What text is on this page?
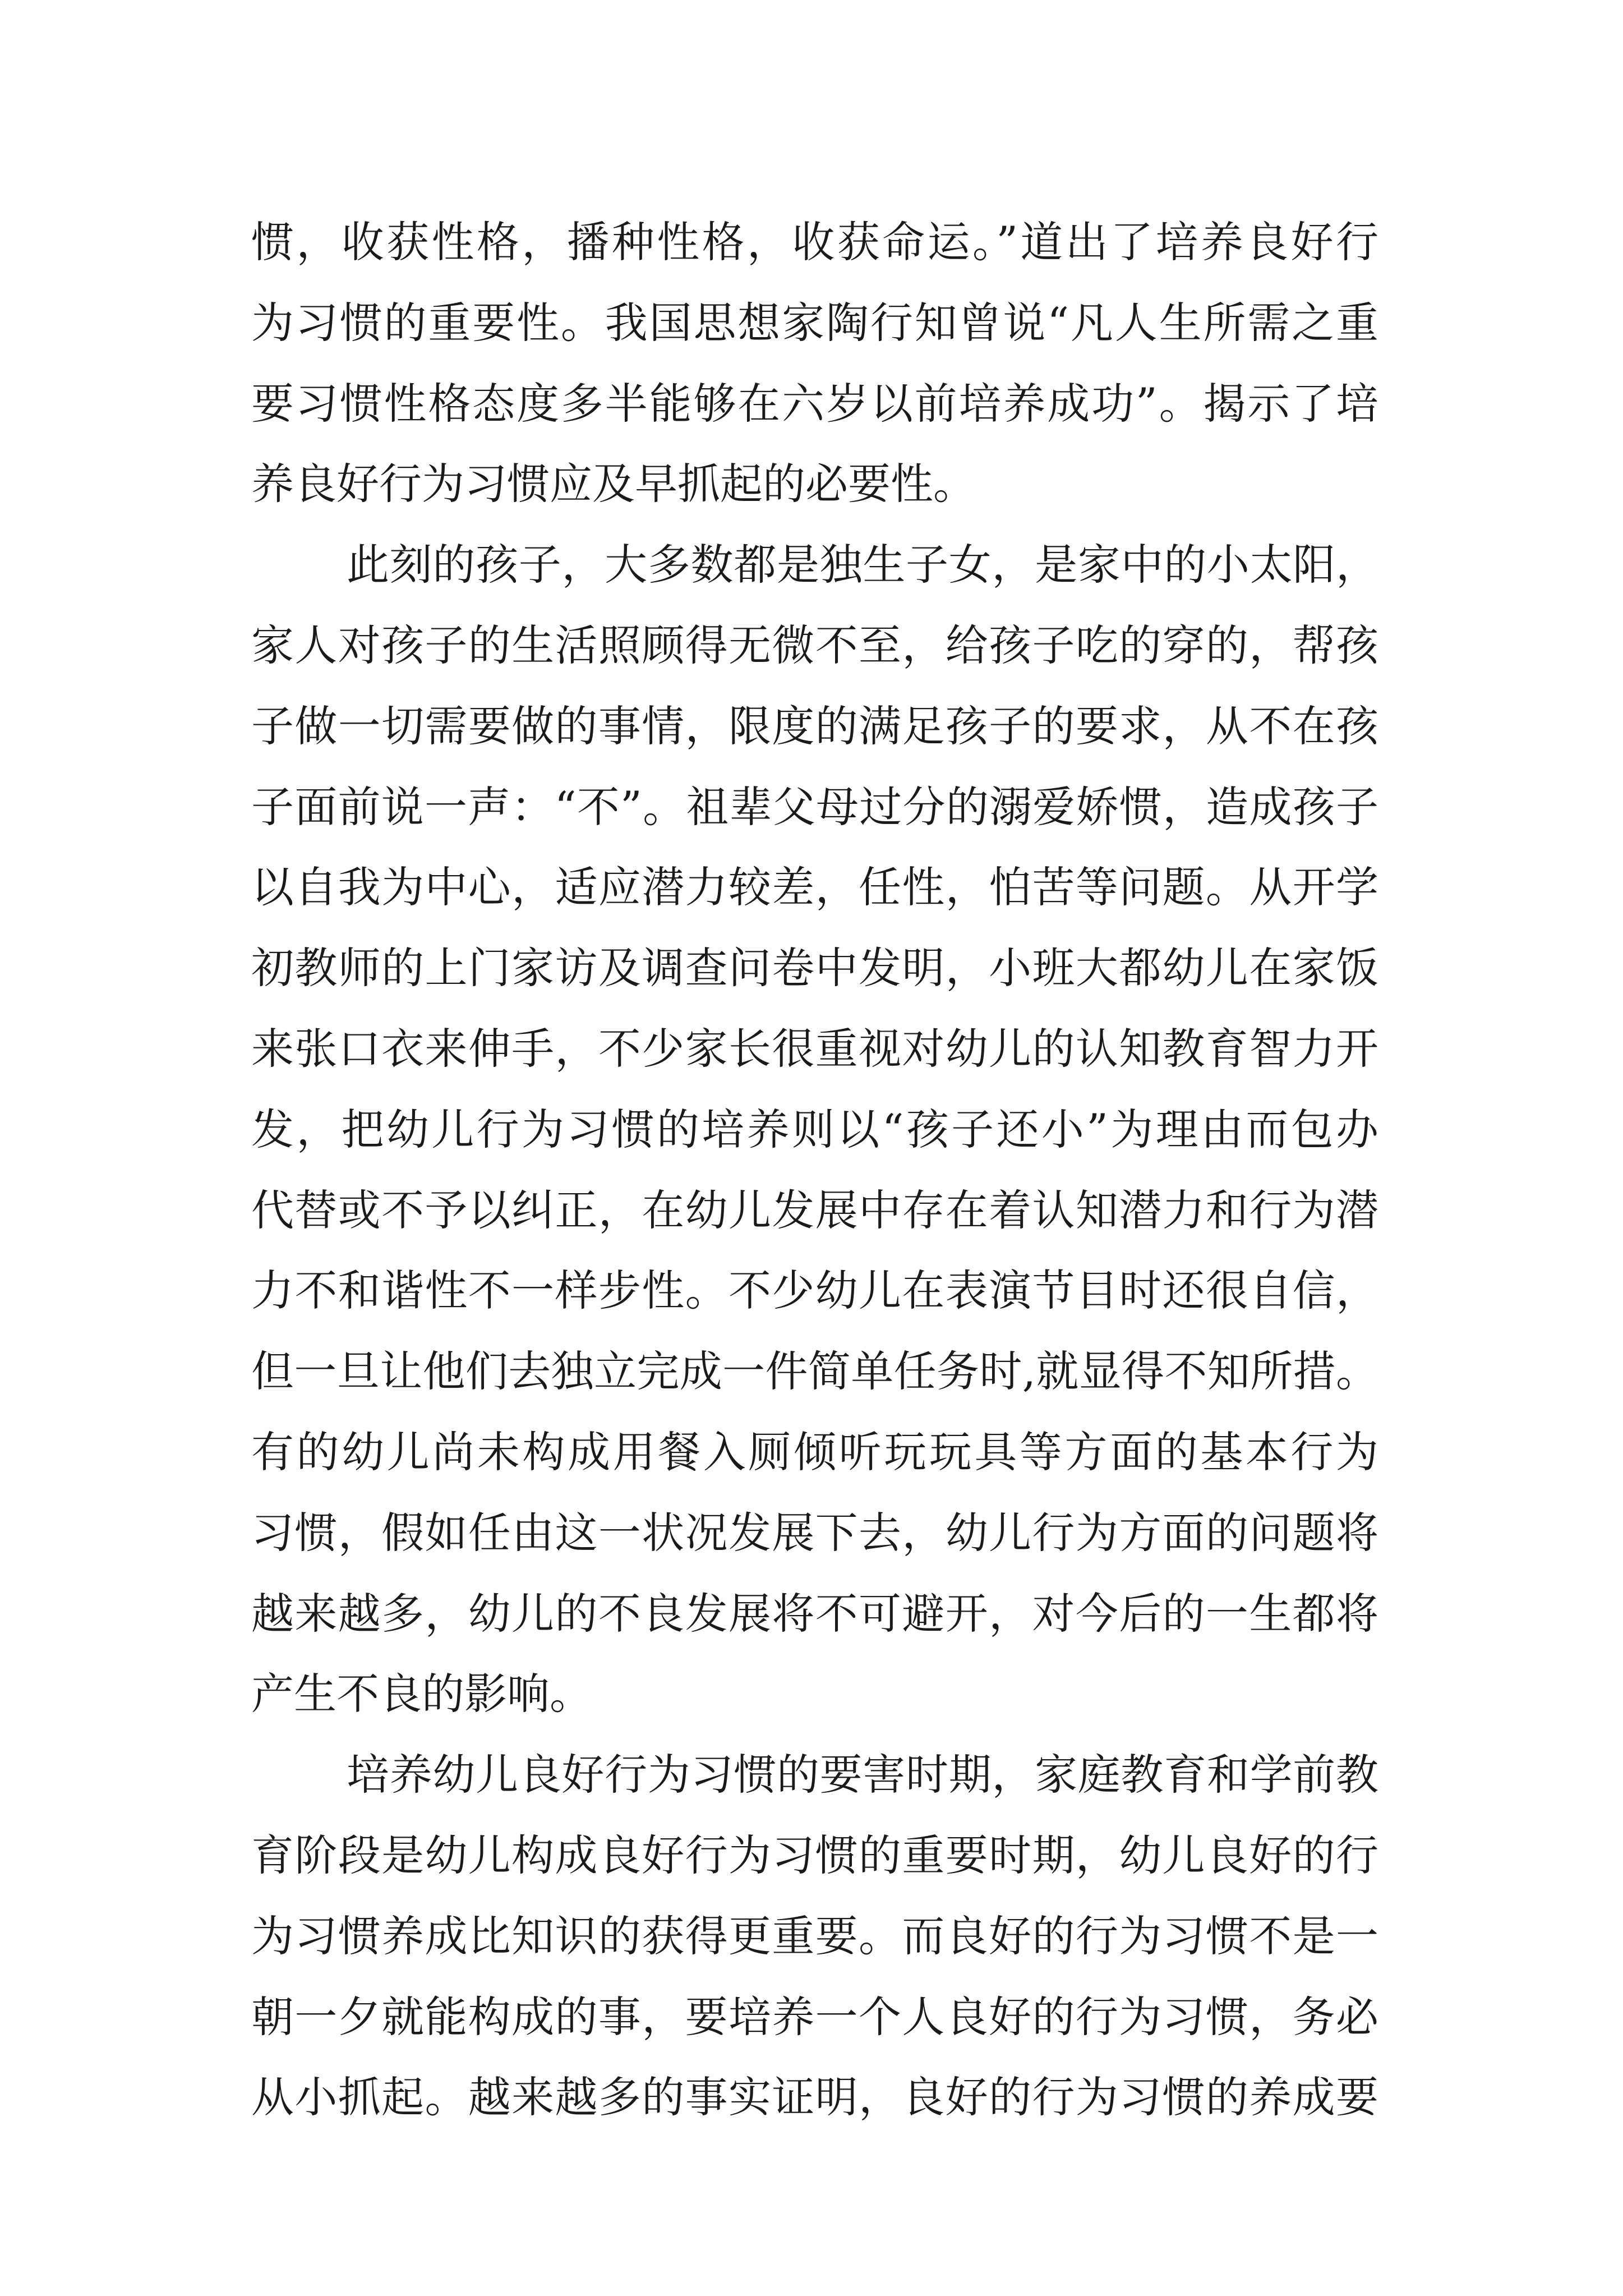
惯，收获性格，播种性格，收获命运。”道出了培养良好行
为习惯的重要性。我国思想家陶行知曾说“凡人生所需之重
要习惯性格态度多半能够在六岁以前培养成功”。揭示了培
养良好行为习惯应及早抓起的必要性。
此刻的孩子，大多数都是独生子女，是家中的小太阳，
家人对孩子的生活照顾得无微不至，给孩子吃的穿的，帮孩
子做一切需要做的事情，限度的满足孩子的要求，从不在孩
子面前说一声：“不”。祖辈父母过分的溺爱娇惯，造成孩子
以自我为中心，适应潜力较差，任性，怕苦等问题。从开学
初教师的上门家访及调查问卷中发明，小班大都幼儿在家饭
来张口衣来伸手，不少家长很重视对幼儿的认知教育智力开
发，把幼儿行为习惯的培养则以“孩子还小”为理由而包办
代替或不予以纠正，在幼儿发展中存在着认知潜力和行为潜
力不和谐性不一样步性。不少幼儿在表演节目时还很自信，
但一旦让他们去独立完成一件简单任务时,就显得不知所措。
有的幼儿尚未构成用餐入厕倾听玩玩具等方面的基本行为
习惯，假如任由这一状况发展下去，幼儿行为方面的问题将
越来越多，幼儿的不良发展将不可避开，对今后的一生都将
产生不良的影响。
培养幼儿良好行为习惯的要害时期，家庭教育和学前教
育阶段是幼儿构成良好行为习惯的重要时期，幼儿良好的行
为习惯养成比知识的获得更重要。而良好的行为习惯不是一
朝一夕就能构成的事，要培养一个人良好的行为习惯，务必
从小抓起。越来越多的事实证明，良好的行为习惯的养成要
